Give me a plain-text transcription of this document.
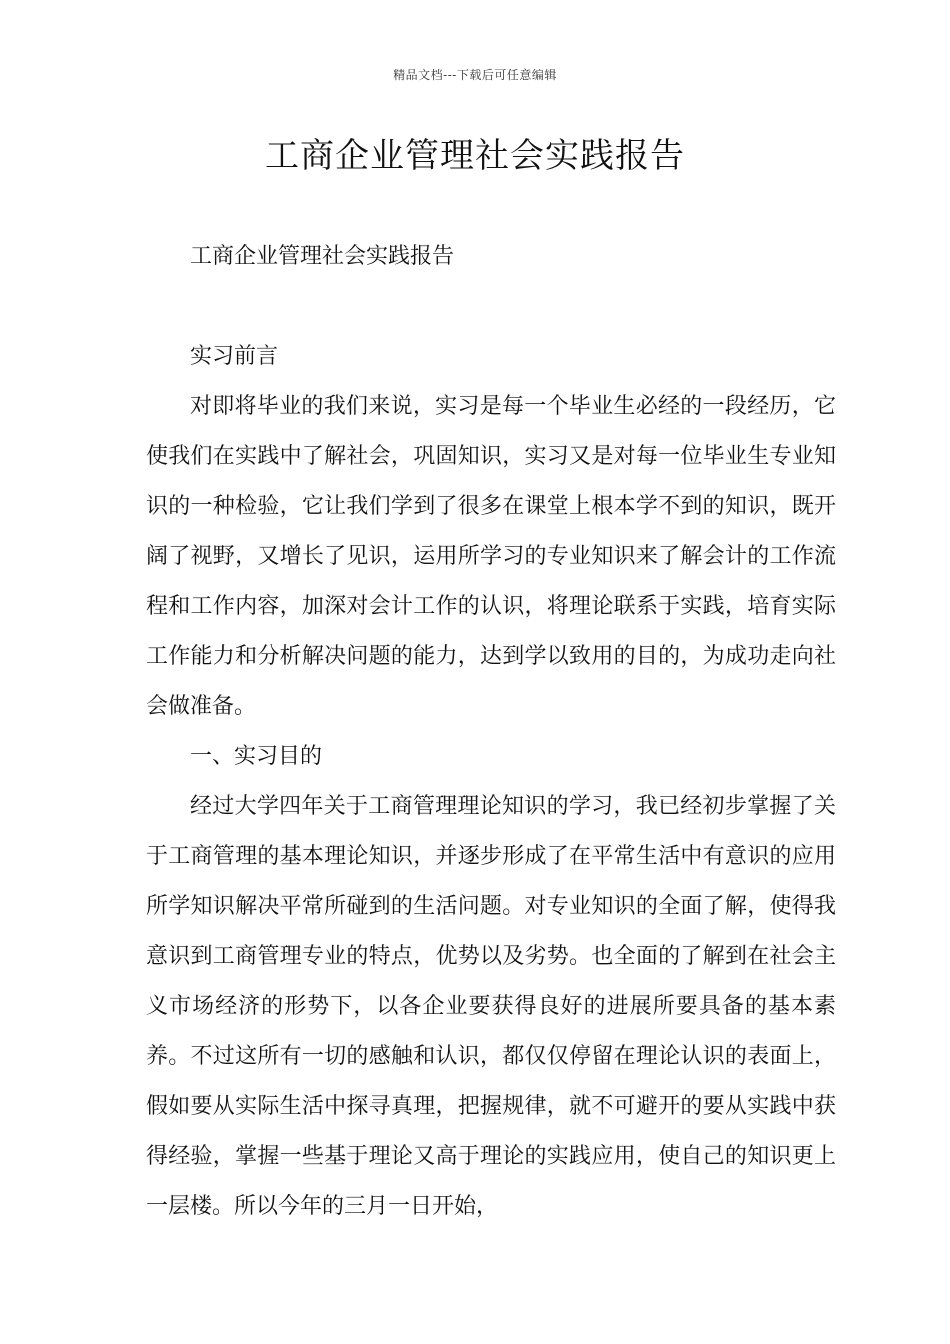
精品文档---下载后可任意编辑
工商企业管理社会实践报告

工商企业管理社会实践报告

实习前言

对即将毕业的我们来说，实习是每一个毕业生必经的一段经历，它使我们在实践中了解社会，巩固知识，实习又是对每一位毕业生专业知识的一种检验，它让我们学到了很多在课堂上根本学不到的知识，既开阔了视野，又增长了见识，运用所学习的专业知识来了解会计的工作流程和工作内容，加深对会计工作的认识，将理论联系于实践，培育实际工作能力和分析解决问题的能力，达到学以致用的目的，为成功走向社会做准备。

一、实习目的

经过大学四年关于工商管理理论知识的学习，我已经初步掌握了关于工商管理的基本理论知识，并逐步形成了在平常生活中有意识的应用所学知识解决平常所碰到的生活问题。对专业知识的全面了解，使得我意识到工商管理专业的特点，优势以及劣势。也全面的了解到在社会主义市场经济的形势下，以各企业要获得良好的进展所要具备的基本素养。不过这所有一切的感触和认识，都仅仅停留在理论认识的表面上，假如要从实际生活中探寻真理，把握规律，就不可避开的要从实践中获得经验，掌握一些基于理论又高于理论的实践应用，使自己的知识更上一层楼。所以今年的三月一日开始，
